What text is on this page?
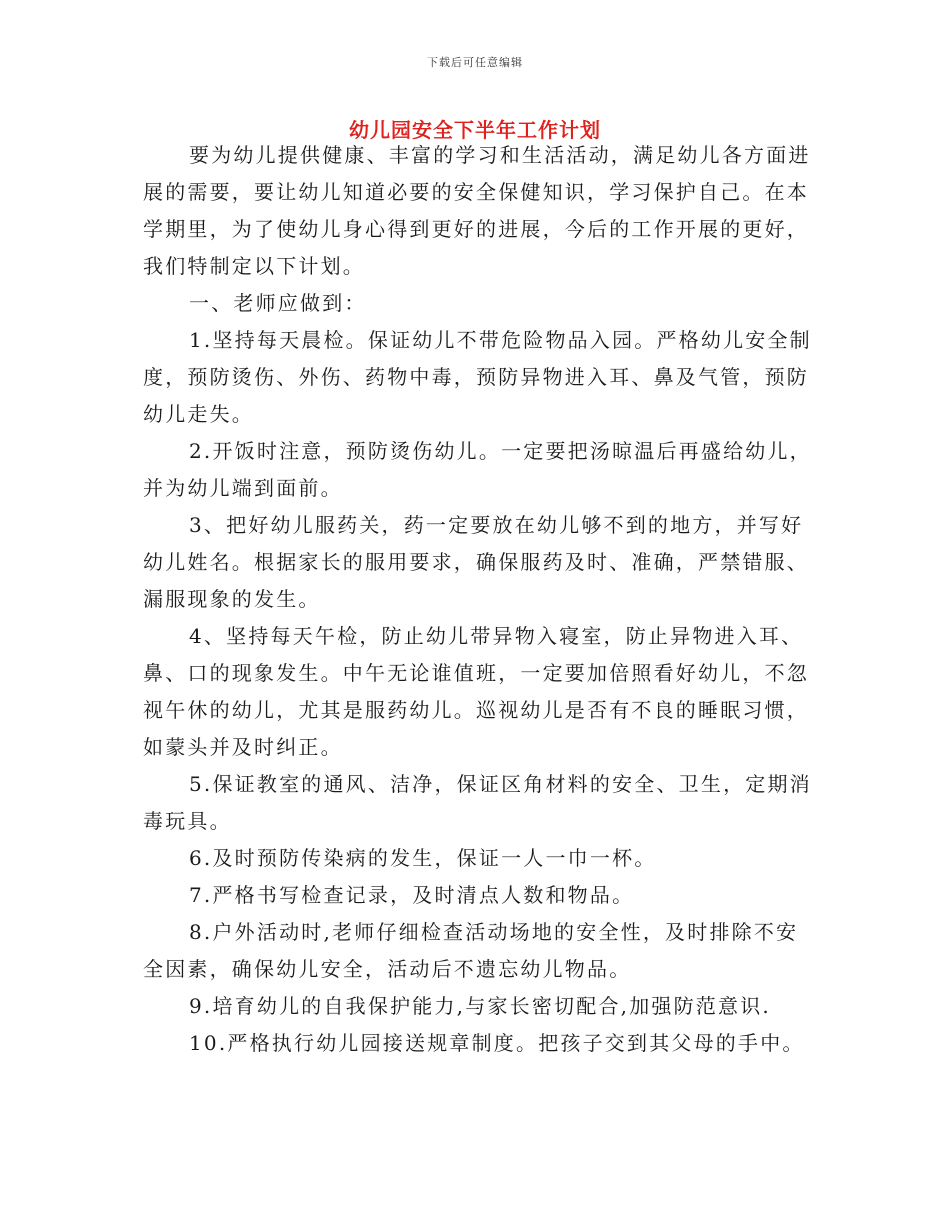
下载后可任意编辑
幼儿园安全下半年工作计划

要为幼儿提供健康、丰富的学习和生活活动，满足幼儿各方面进展的需要，要让幼儿知道必要的安全保健知识，学习保护自己。在本学期里，为了使幼儿身心得到更好的进展，今后的工作开展的更好，我们特制定以下计划。

一、老师应做到：

1.坚持每天晨检。保证幼儿不带危险物品入园。严格幼儿安全制度，预防烫伤、外伤、药物中毒，预防异物进入耳、鼻及气管，预防幼儿走失。

2.开饭时注意，预防烫伤幼儿。一定要把汤晾温后再盛给幼儿，并为幼儿端到面前。

3、把好幼儿服药关，药一定要放在幼儿够不到的地方，并写好幼儿姓名。根据家长的服用要求，确保服药及时、准确，严禁错服、漏服现象的发生。

4、坚持每天午检，防止幼儿带异物入寝室，防止异物进入耳、鼻、口的现象发生。中午无论谁值班，一定要加倍照看好幼儿，不忽视午休的幼儿，尤其是服药幼儿。巡视幼儿是否有不良的睡眠习惯，如蒙头并及时纠正。

5.保证教室的通风、洁净，保证区角材料的安全、卫生，定期消毒玩具。

6.及时预防传染病的发生，保证一人一巾一杯。

7.严格书写检查记录，及时清点人数和物品。

8.户外活动时,老师仔细检查活动场地的安全性，及时排除不安全因素，确保幼儿安全，活动后不遗忘幼儿物品。

9.培育幼儿的自我保护能力,与家长密切配合,加强防范意识.

10.严格执行幼儿园接送规章制度。把孩子交到其父母的手中。
